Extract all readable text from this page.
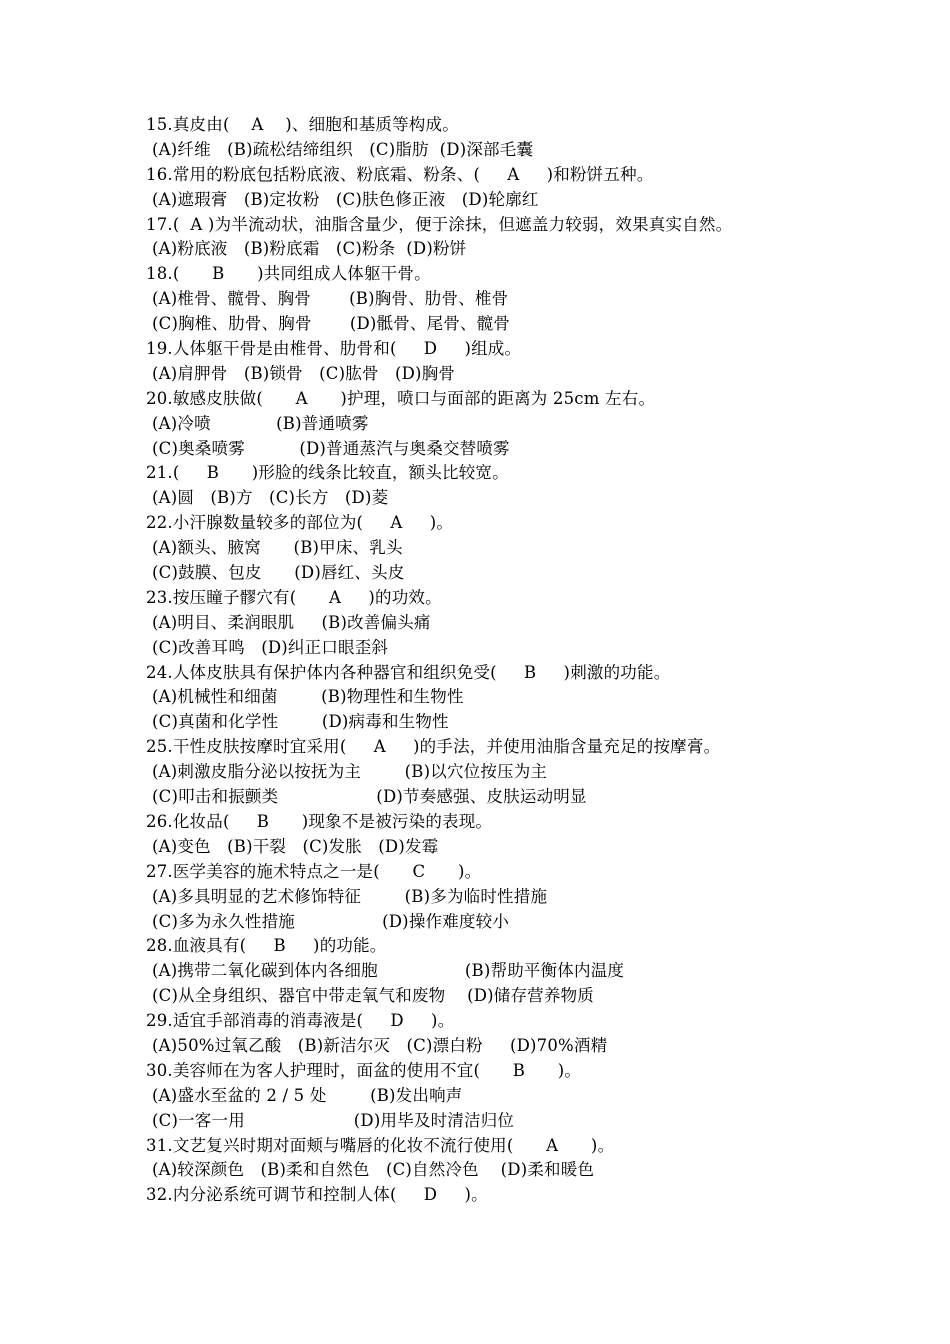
15.真皮由(    A    )、细胞和基质等构成。
(A)纤维   (B)疏松结缔组织   (C)脂肪  (D)深部毛囊
16.常用的粉底包括粉底液、粉底霜、粉条、(     A     )和粉饼五种。
(A)遮瑕膏   (B)定妆粉   (C)肤色修正液   (D)轮廓红
17.(  A )为半流动状，油脂含量少，便于涂抹，但遮盖力较弱，效果真实自然。
(A)粉底液   (B)粉底霜   (C)粉条  (D)粉饼
18.(      B      )共同组成人体躯干骨。
(A)椎骨、髋骨、胸骨       (B)胸骨、肋骨、椎骨
(C)胸椎、肋骨、胸骨       (D)骶骨、尾骨、髋骨
19.人体躯干骨是由椎骨、肋骨和(     D     )组成。
(A)肩胛骨   (B)锁骨   (C)肱骨   (D)胸骨
20.敏感皮肤做(      A      )护理，喷口与面部的距离为 25cm 左右。
(A)冷喷            (B)普通喷雾
(C)奥桑喷雾          (D)普通蒸汽与奥桑交替喷雾
21.(     B      )形脸的线条比较直，额头比较宽。
(A)圆   (B)方   (C)长方   (D)菱
22.小汗腺数量较多的部位为(     A     )。
(A)额头、腋窝      (B)甲床、乳头
(C)鼓膜、包皮      (D)唇红、头皮
23.按压瞳子髎穴有(      A     )的功效。
(A)明目、柔润眼肌     (B)改善偏头痛
(C)改善耳鸣   (D)纠正口眼歪斜
24.人体皮肤具有保护体内各种器官和组织免受(     B     )刺激的功能。
(A)机械性和细菌        (B)物理性和生物性
(C)真菌和化学性        (D)病毒和生物性
25.干性皮肤按摩时宜采用(     A     )的手法，并使用油脂含量充足的按摩膏。
(A)刺激皮脂分泌以按抚为主        (B)以穴位按压为主
(C)叩击和振颤类                  (D)节奏感强、皮肤运动明显
26.化妆品(     B      )现象不是被污染的表现。
(A)变色   (B)干裂   (C)发胀   (D)发霉
27.医学美容的施术特点之一是(      C      )。
(A)多具明显的艺术修饰特征        (B)多为临时性措施
(C)多为永久性措施                (D)操作难度较小
28.血液具有(     B     )的功能。
(A)携带二氧化碳到体内各细胞                (B)帮助平衡体内温度
(C)从全身组织、器官中带走氧气和废物    (D)储存营养物质
29.适宜手部消毒的消毒液是(     D     )。
(A)50%过氧乙酸   (B)新洁尔灭   (C)漂白粉     (D)70%酒精
30.美容师在为客人护理时，面盆的使用不宜(      B      )。
(A)盛水至盆的 2 / 5 处        (B)发出响声
(C)一客一用                    (D)用毕及时清洁归位
31.文艺复兴时期对面颊与嘴唇的化妆不流行使用(      A      )。
(A)较深颜色   (B)柔和自然色   (C)自然冷色    (D)柔和暖色
32.内分泌系统可调节和控制人体(     D     )。
